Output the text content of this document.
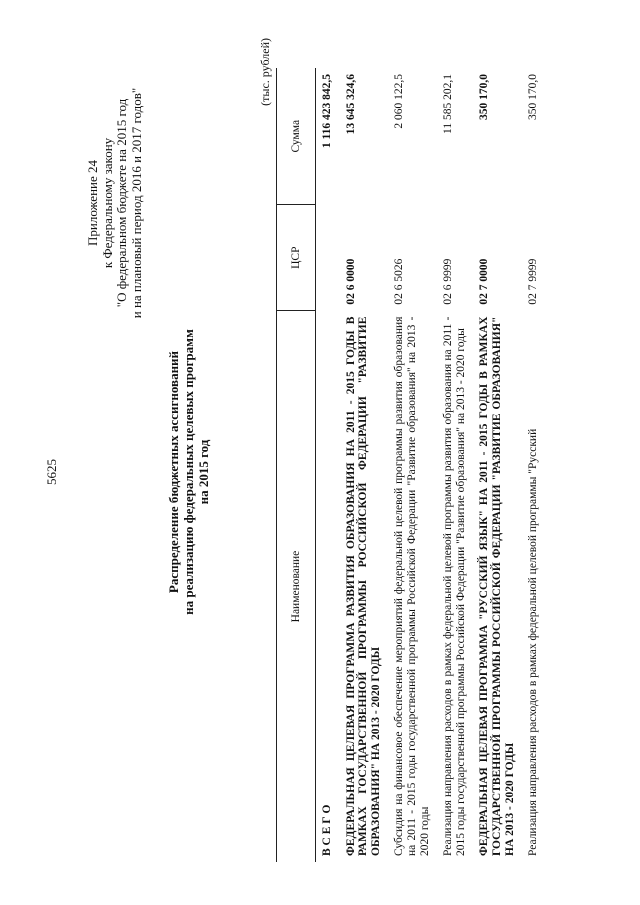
5625
Приложение 24 к Федеральному закону "О федеральном бюджете на 2015 год и на плановый период 2016 и 2017 годов"
Распределение бюджетных ассигнований на реализацию федеральных целевых программ на 2015 год
(тыс. рублей)
Наименование	ЦСР	Сумма
В С Е Г О		1 116 423 842,5
ФЕДЕРАЛЬНАЯ ЦЕЛЕВАЯ ПРОГРАММА РАЗВИТИЯ ОБРАЗОВАНИЯ НА 2011 - 2015 ГОДЫ В РАМКАХ ГОСУДАРСТВЕННОЙ ПРОГРАММЫ РОССИЙСКОЙ ФЕДЕРАЦИИ "РАЗВИТИЕ ОБРАЗОВАНИЯ" НА 2013 - 2020 ГОДЫ	02 6 0000	13 645 324,6
Субсидия на финансовое обеспечение мероприятий федеральной целевой программы развития образования на 2011 - 2015 годы государственной программы Российской Федерации "Развитие образования" на 2013 - 2020 годы	02 6 5026	2 060 122,5
Реализация направления расходов в рамках федеральной целевой программы развития образования на 2011 - 2015 годы государственной программы Российской Федерации "Развитие образования" на 2013 - 2020 годы	02 6 9999	11 585 202,1
ФЕДЕРАЛЬНАЯ ЦЕЛЕВАЯ ПРОГРАММА "РУССКИЙ ЯЗЫК" НА 2011 - 2015 ГОДЫ В РАМКАХ ГОСУДАРСТВЕННОЙ ПРОГРАММЫ РОССИЙСКОЙ ФЕДЕРАЦИИ "РАЗВИТИЕ ОБРАЗОВАНИЯ" НА 2013 - 2020 ГОДЫ	02 7 0000	350 170,0
Реализация направления расходов в рамках федеральной целевой программы "Русский	02 7 9999	350 170,0
